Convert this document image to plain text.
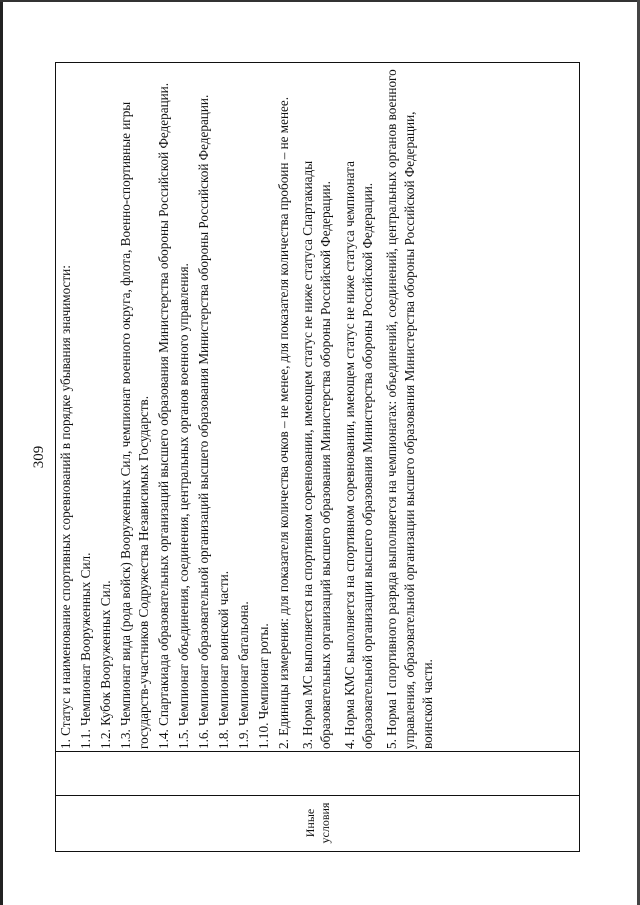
309
Иные условия

1. Статус и наименование спортивных соревнований в порядке убывания значимости: 1.1. Чемпионат Вооруженных Сил. 1.2. Кубок Вооруженных Сил. 1.3. Чемпионат вида (рода войск) Вооруженных Сил, чемпионат военного округа, флота, Военно-спортивные игры государств-участников Содружества Независимых Государств. 1.4. Спартакиада образовательных организаций высшего образования Министерства обороны Российской Федерации. 1.5. Чемпионат объединения, соединения, центральных органов военного управления. 1.6. Чемпионат образовательной организаций высшего образования Министерства обороны Российской Федерации. 1.8. Чемпионат воинской части. 1.9. Чемпионат батальона. 1.10. Чемпионат роты. 2. Единицы измерения: для показателя количества очков – не менее, для показателя количества пробоин – не менее. 3. Норма МС выполняется на спортивном соревновании, имеющем статус не ниже статуса Спартакиады образовательных организаций высшего образования Министерства обороны Российской Федерации. 4. Норма КМС выполняется на спортивном соревновании, имеющем статус не ниже статуса чемпионата образовательной организации высшего образования Министерства обороны Российской Федерации. 5. Норма I спортивного разряда выполняется на чемпионатах: объединений, соединений, центральных органов военного управления, образовательной организации высшего образования Министерства обороны Российской Федерации, воинской части.
